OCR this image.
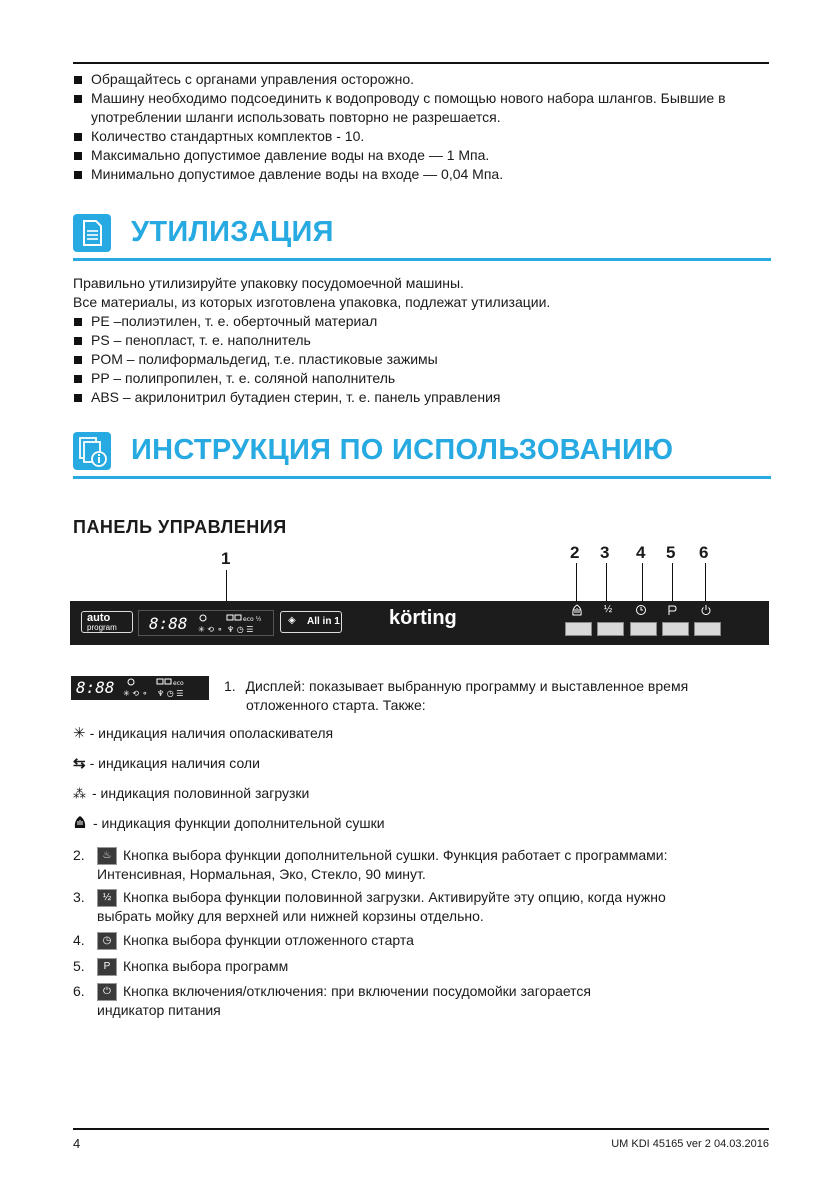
Обращайтесь с органами управления осторожно.
Машину необходимо подсоединить к водопроводу с помощью нового набора шлангов. Бывшие в употреблении шланги использовать повторно не разрешается.
Количество стандартных комплектов - 10.
Максимально допустимое давление воды на входе — 1 Мпа.
Минимально допустимое давление воды на входе — 0,04 Мпа.
УТИЛИЗАЦИЯ
Правильно утилизируйте упаковку посудомоечной машины.
Все материалы, из которых изготовлена упаковка, подлежат утилизации.
PE –полиэтилен, т. е. оберточный материал
PS – пенопласт, т. е. наполнитель
POM – полиформальдегид, т.е. пластиковые зажимы
PP – полипропилен, т. е. соляной наполнитель
ABS – акрилонитрил бутадиен стерин, т. е. панель управления
ИНСТРУКЦИЯ ПО ИСПОЛЬЗОВАНИЮ
ПАНЕЛЬ УПРАВЛЕНИЯ
1	2 3 4 5 6
auto
program 8:88 ✳ ⟲ ⚬
eco ½
♆ ◷ ☰
◈ All in 1 körting	½
8:88 ✳ ⟲ ⚬
eco
♆ ◷ ☰	1. Дисплей: показывает выбранную программу и выставленное время
отложенного старта. Также:
✳ - индикация наличия ополаскивателя
⇆ - индикация наличия соли
⁂ - индикация половинной загрузки
- индикация функции дополнительной сушки
2. ♨ Кнопка выбора функции дополнительной сушки. Функция работает с программами:
Интенсивная, Нормальная, Эко, Стекло, 90 минут.
3. ½ Кнопка выбора функции половинной загрузки. Активируйте эту опцию, когда нужно
выбрать мойку для верхней или нижней корзины отдельно.
4. ◷ Кнопка выбора функции отложенного старта
5. P Кнопка выбора программ
6. ⏻ Кнопка включения/отключения: при включении посудомойки загорается
индикатор питания
4	UM KDI 45165 ver 2 04.03.2016
